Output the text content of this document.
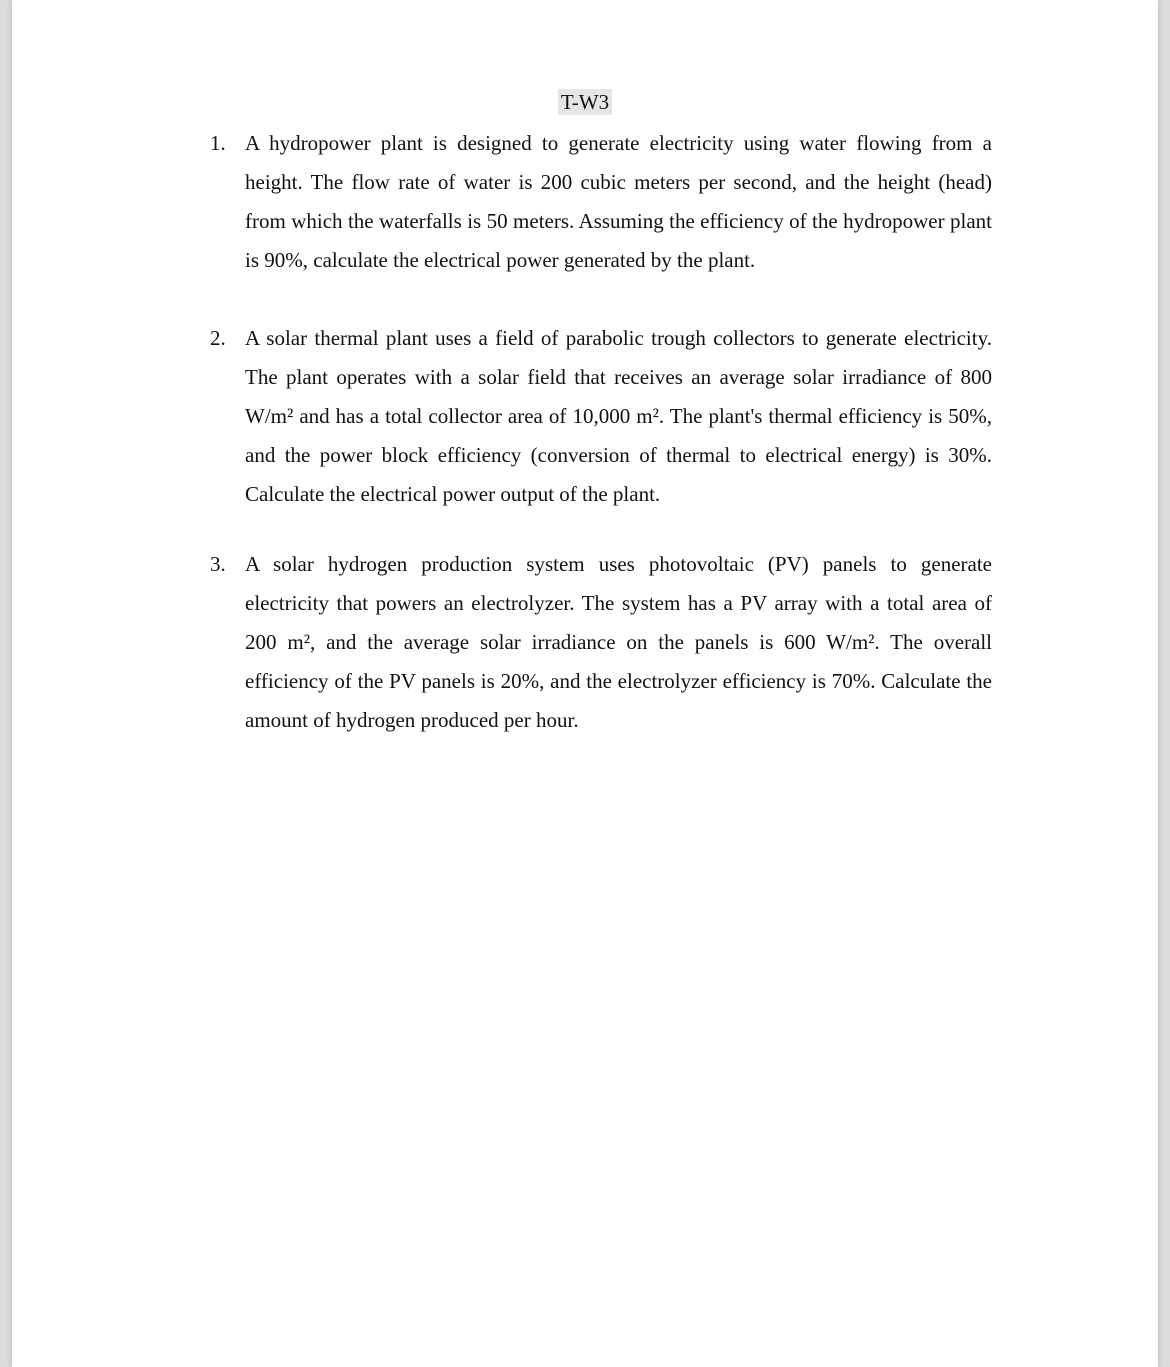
T-W3
1. A hydropower plant is designed to generate electricity using water flowing from a height. The flow rate of water is 200 cubic meters per second, and the height (head) from which the waterfalls is 50 meters. Assuming the efficiency of the hydropower plant is 90%, calculate the electrical power generated by the plant.
2. A solar thermal plant uses a field of parabolic trough collectors to generate electricity. The plant operates with a solar field that receives an average solar irradiance of 800 W/m² and has a total collector area of 10,000 m². The plant's thermal efficiency is 50%, and the power block efficiency (conversion of thermal to electrical energy) is 30%. Calculate the electrical power output of the plant.
3. A solar hydrogen production system uses photovoltaic (PV) panels to generate electricity that powers an electrolyzer. The system has a PV array with a total area of 200 m², and the average solar irradiance on the panels is 600 W/m². The overall efficiency of the PV panels is 20%, and the electrolyzer efficiency is 70%. Calculate the amount of hydrogen produced per hour.
